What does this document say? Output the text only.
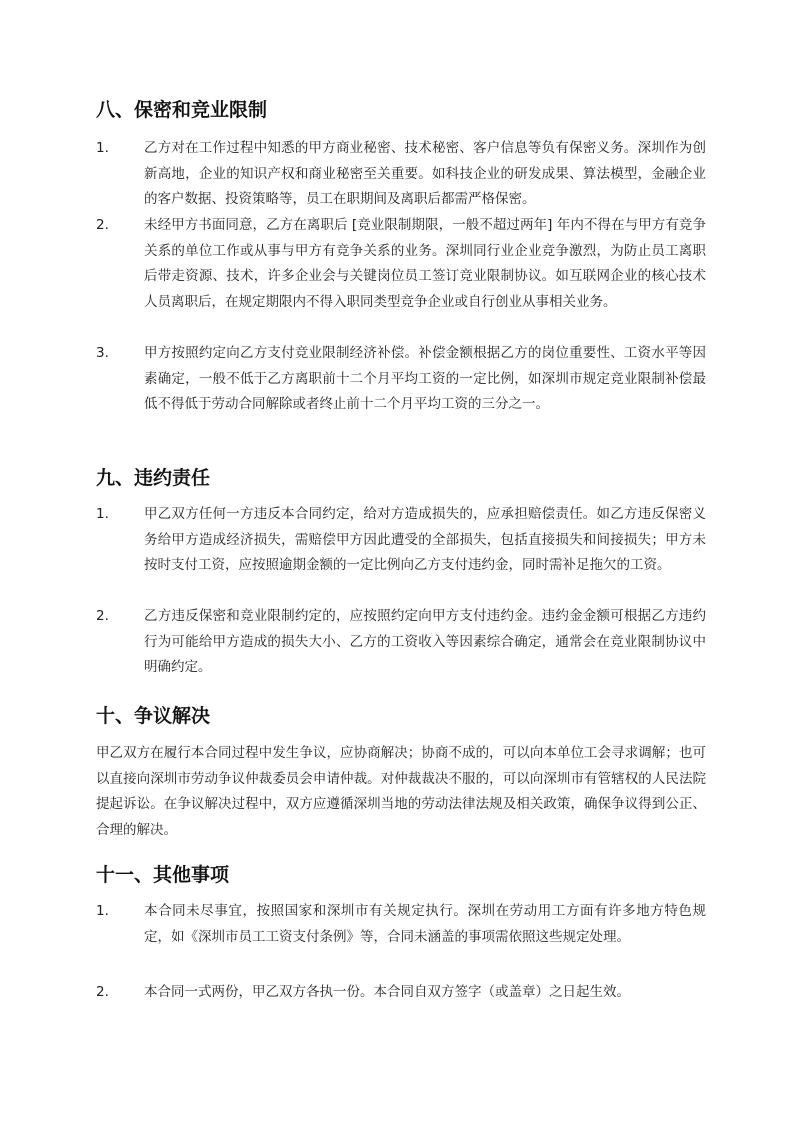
八、保密和竞业限制
1.	乙方对在工作过程中知悉的甲方商业秘密、技术秘密、客户信息等负有保密义务。深圳作为创新高地，企业的知识产权和商业秘密至关重要。如科技企业的研发成果、算法模型，金融企业的客户数据、投资策略等，员工在职期间及离职后都需严格保密。
2.	未经甲方书面同意，乙方在离职后 [竞业限制期限，一般不超过两年] 年内不得在与甲方有竞争关系的单位工作或从事与甲方有竞争关系的业务。深圳同行业企业竞争激烈，为防止员工离职后带走资源、技术，许多企业会与关键岗位员工签订竞业限制协议。如互联网企业的核心技术人员离职后，在规定期限内不得入职同类型竞争企业或自行创业从事相关业务。
3.	甲方按照约定向乙方支付竞业限制经济补偿。补偿金额根据乙方的岗位重要性、工资水平等因素确定，一般不低于乙方离职前十二个月平均工资的一定比例，如深圳市规定竞业限制补偿最低不得低于劳动合同解除或者终止前十二个月平均工资的三分之一。
九、违约责任
1.	甲乙双方任何一方违反本合同约定，给对方造成损失的，应承担赔偿责任。如乙方违反保密义务给甲方造成经济损失，需赔偿甲方因此遭受的全部损失，包括直接损失和间接损失；甲方未按时支付工资，应按照逾期金额的一定比例向乙方支付违约金，同时需补足拖欠的工资。
2.	乙方违反保密和竞业限制约定的，应按照约定向甲方支付违约金。违约金金额可根据乙方违约行为可能给甲方造成的损失大小、乙方的工资收入等因素综合确定，通常会在竞业限制协议中明确约定。
十、争议解决
甲乙双方在履行本合同过程中发生争议，应协商解决；协商不成的，可以向本单位工会寻求调解；也可以直接向深圳市劳动争议仲裁委员会申请仲裁。对仲裁裁决不服的，可以向深圳市有管辖权的人民法院提起诉讼。在争议解决过程中，双方应遵循深圳当地的劳动法律法规及相关政策，确保争议得到公正、合理的解决。
十一、其他事项
1.	本合同未尽事宜，按照国家和深圳市有关规定执行。深圳在劳动用工方面有许多地方特色规定，如《深圳市员工工资支付条例》等，合同未涵盖的事项需依照这些规定处理。
2.	本合同一式两份，甲乙双方各执一份。本合同自双方签字（或盖章）之日起生效。
